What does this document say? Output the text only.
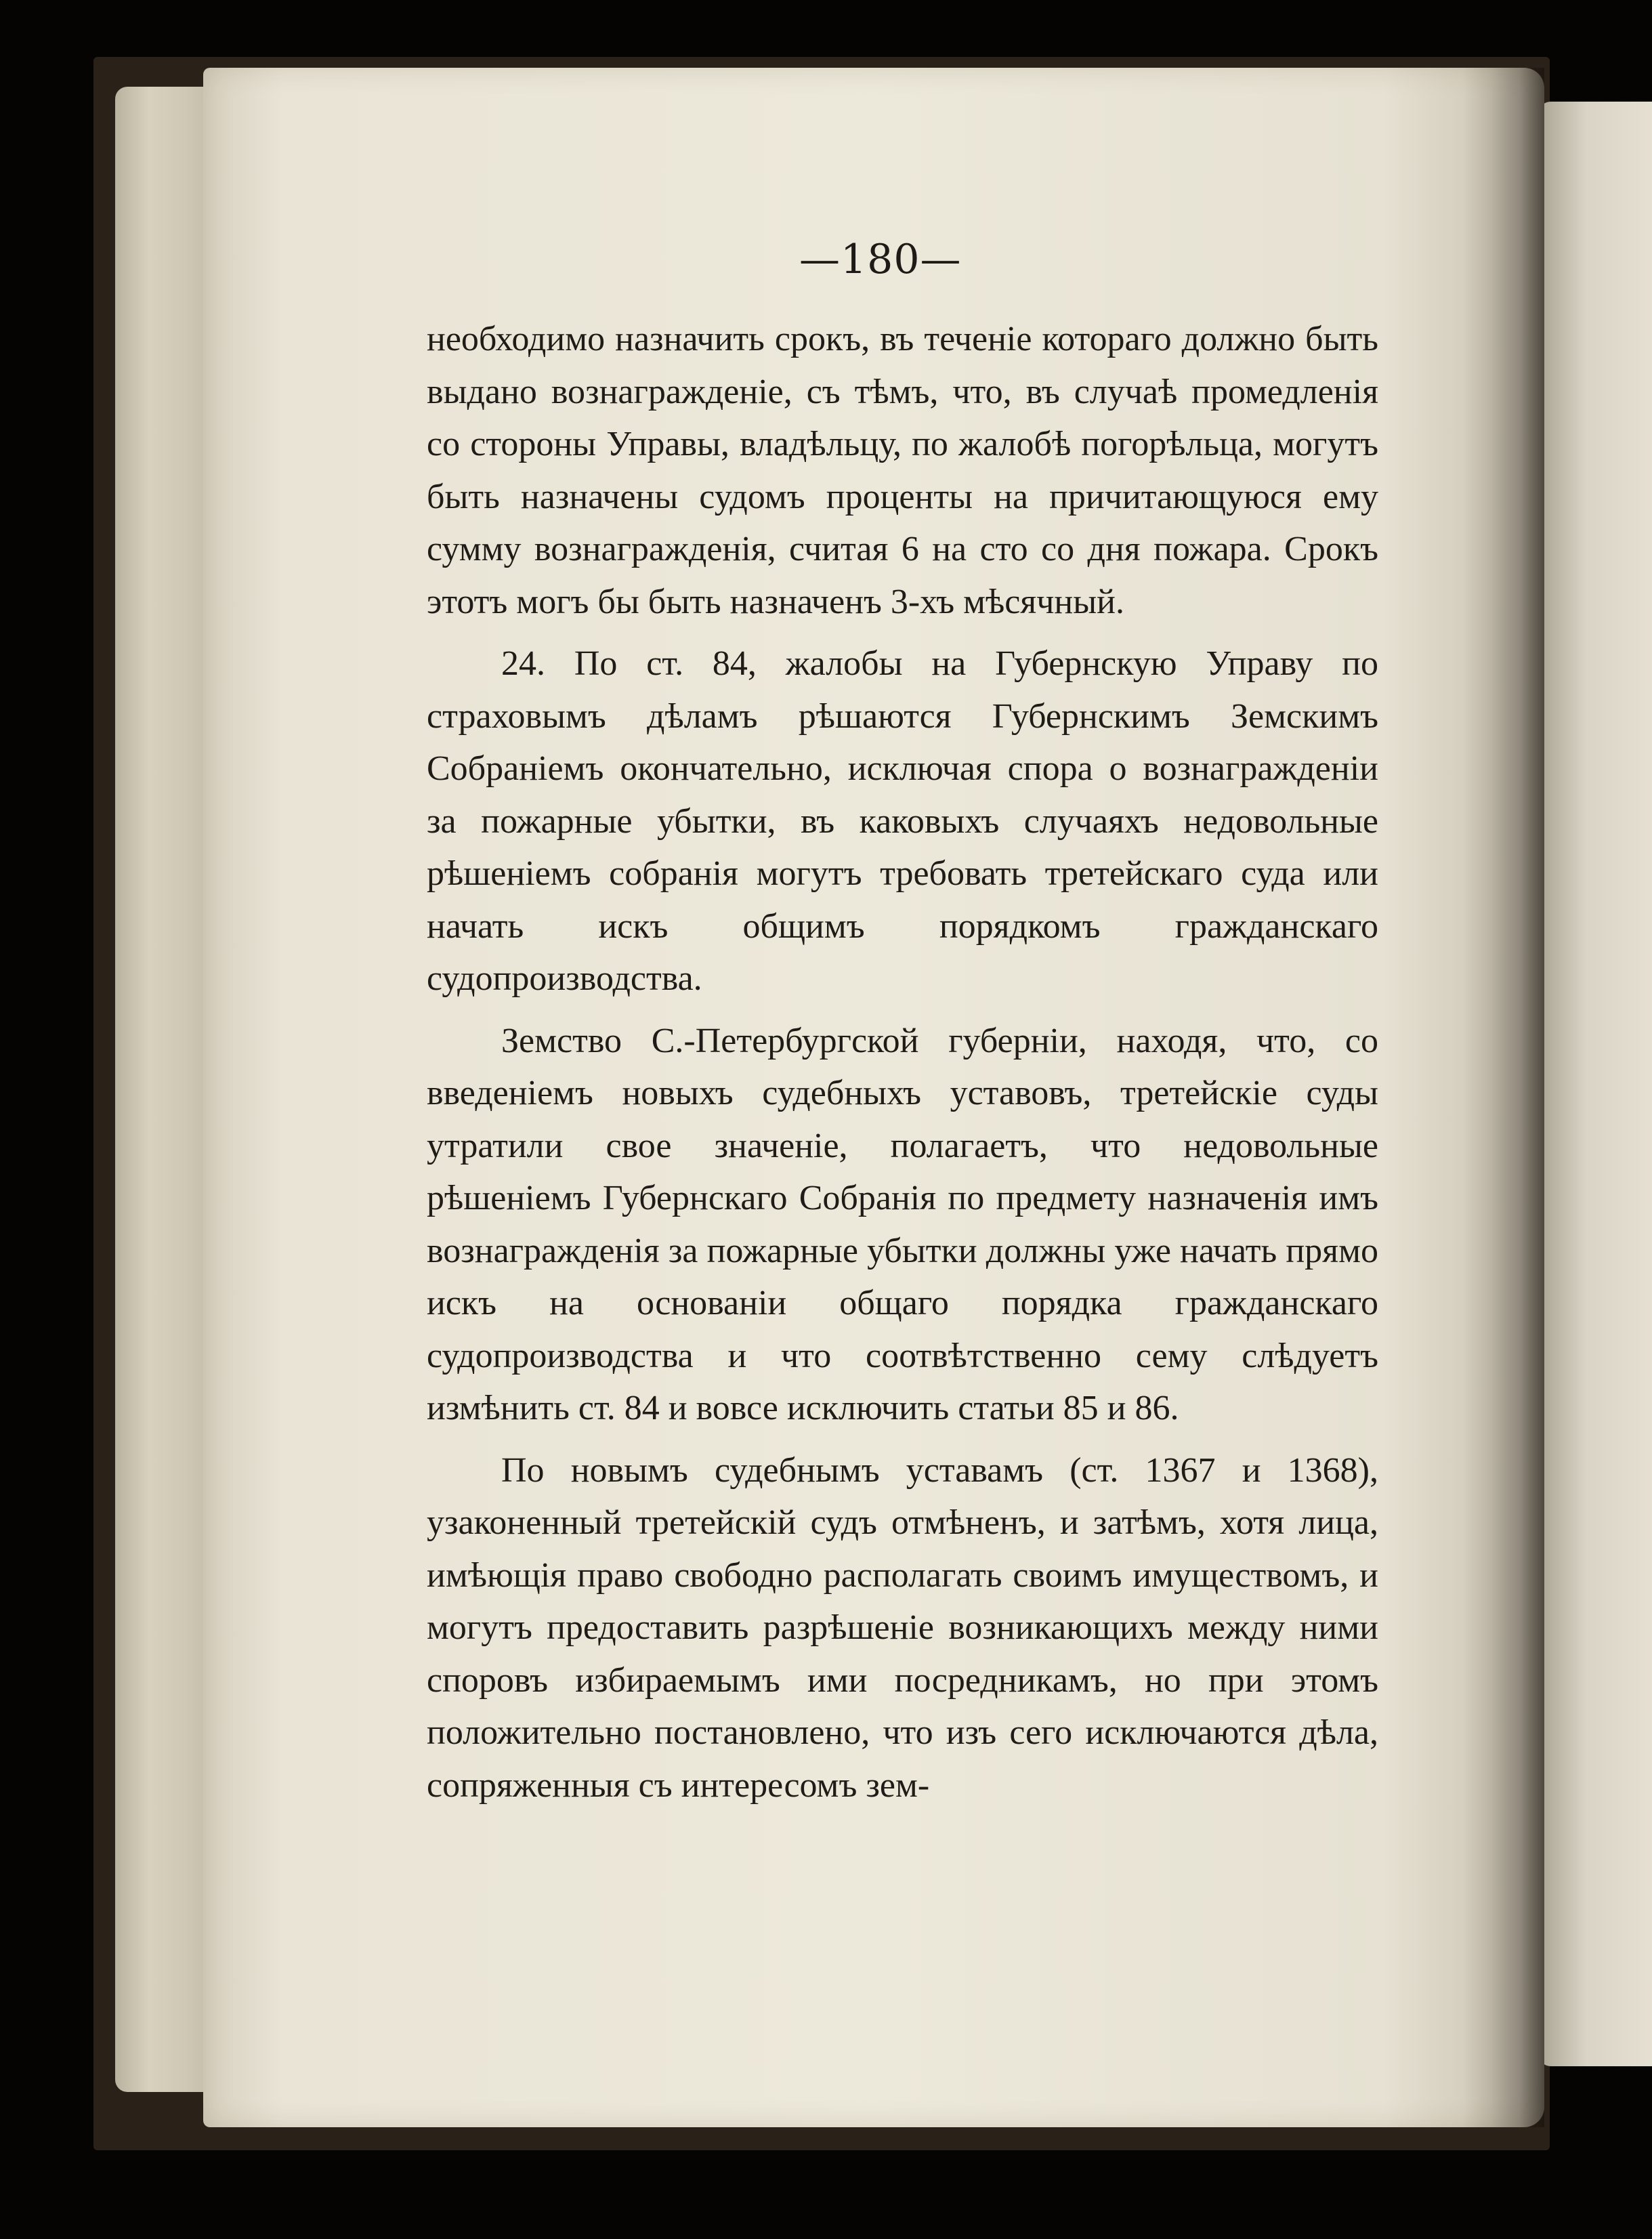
—180—

необходимо назначить срокъ, въ теченіе котораго должно быть выдано вознагражденіе, съ тѣмъ, что, въ случаѣ промедленія со стороны Управы, владѣльцу, по жалобѣ погорѣльца, могутъ быть назначены судомъ проценты на причитающуюся ему сумму вознагражденія, считая 6 на сто со дня пожара. Срокъ этотъ могъ бы быть назначенъ 3-хъ мѣсячный.

24. По ст. 84, жалобы на Губернскую Управу по страховымъ дѣламъ рѣшаются Губернскимъ Земскимъ Собраніемъ окончательно, исключая спора о вознагражденіи за пожарные убытки, въ каковыхъ случаяхъ недовольные рѣшеніемъ собранія могутъ требовать третейскаго суда или начать искъ общимъ порядкомъ гражданскаго судопроизводства.

Земство С.-Петербургской губерніи, находя, что, со введеніемъ новыхъ судебныхъ уставовъ, третейскіе суды утратили свое значеніе, полагаетъ, что недовольные рѣшеніемъ Губернскаго Собранія по предмету назначенія имъ вознагражденія за пожарные убытки должны уже начать прямо искъ на основаніи общаго порядка гражданскаго судопроизводства и что соотвѣтственно сему слѣдуетъ измѣнить ст. 84 и вовсе исключить статьи 85 и 86.

По новымъ судебнымъ уставамъ (ст. 1367 и 1368), узаконенный третейскій судъ отмѣненъ, и затѣмъ, хотя лица, имѣющія право свободно располагать своимъ имуществомъ, и могутъ предоставить разрѣшеніе возникающихъ между ними споровъ избираемымъ ими посредникамъ, но при этомъ положительно постановлено, что изъ сего исключаются дѣла, сопряженныя съ интересомъ зем-
